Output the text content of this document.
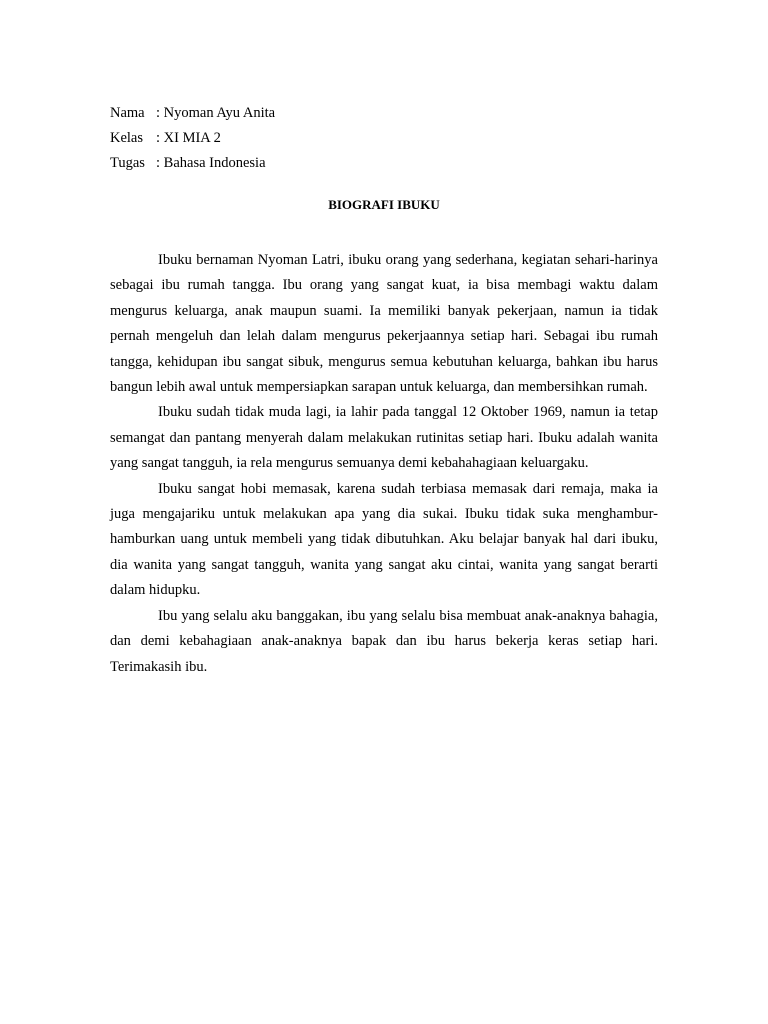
Nama : Nyoman Ayu Anita
Kelas : XI MIA 2
Tugas : Bahasa Indonesia
BIOGRAFI IBUKU

Ibuku bernaman Nyoman Latri, ibuku orang yang sederhana, kegiatan sehari-harinya sebagai ibu rumah tangga. Ibu orang yang sangat kuat, ia bisa membagi waktu dalam mengurus keluarga, anak maupun suami. Ia memiliki banyak pekerjaan, namun ia tidak pernah mengeluh dan lelah dalam mengurus pekerjaannya setiap hari. Sebagai ibu rumah tangga, kehidupan ibu sangat sibuk, mengurus semua kebutuhan keluarga, bahkan ibu harus bangun lebih awal untuk mempersiapkan sarapan untuk keluarga, dan membersihkan rumah.

Ibuku sudah tidak muda lagi, ia lahir pada tanggal 12 Oktober 1969, namun ia tetap semangat dan pantang menyerah dalam melakukan rutinitas setiap hari. Ibuku adalah wanita yang sangat tangguh, ia rela mengurus semuanya demi kebahahagiaan keluargaku.

Ibuku sangat hobi memasak, karena sudah terbiasa memasak dari remaja, maka ia juga mengajariku untuk melakukan apa yang dia sukai. Ibuku tidak suka menghambur-hamburkan uang untuk membeli yang tidak dibutuhkan. Aku belajar banyak hal dari ibuku, dia wanita yang sangat tangguh, wanita yang sangat aku cintai, wanita yang sangat berarti dalam hidupku.

Ibu yang selalu aku banggakan, ibu yang selalu bisa membuat anak-anaknya bahagia, dan demi kebahagiaan anak-anaknya bapak dan ibu harus bekerja keras setiap hari. Terimakasih ibu.
